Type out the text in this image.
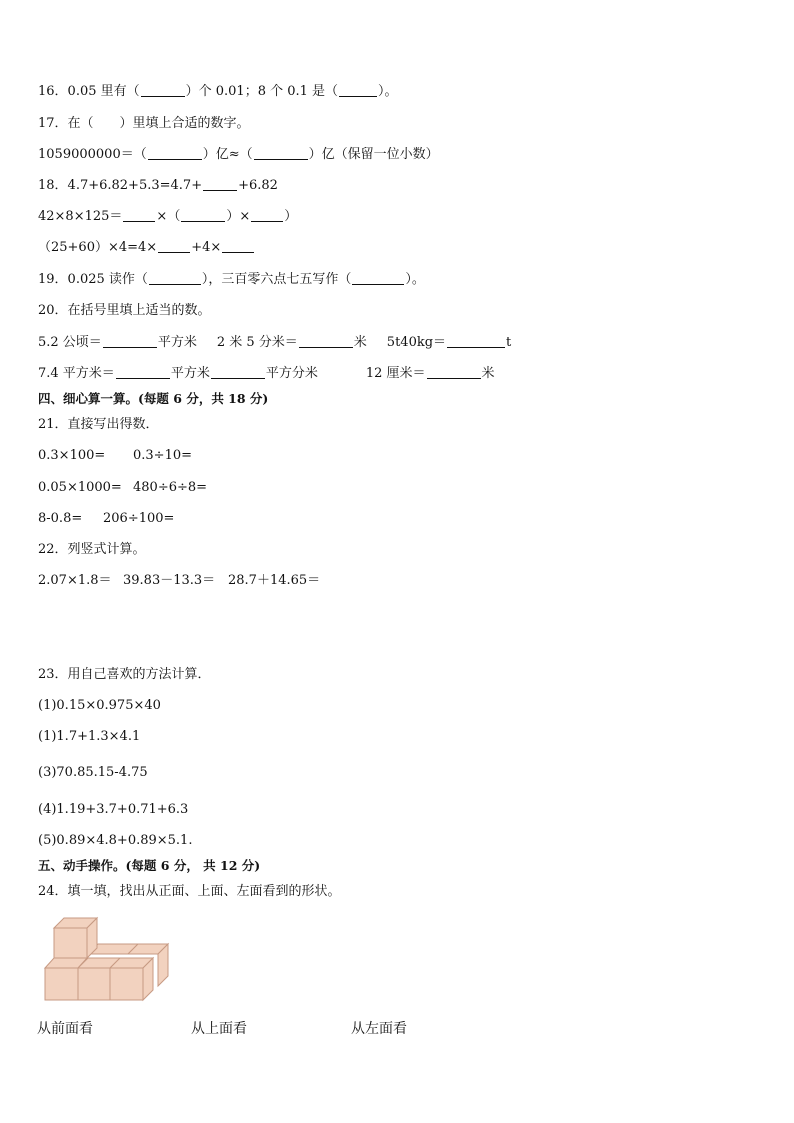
16．0.05 里有（	）个 0.01；8 个 0.1 是（	）。
17．在（　　）里填上合适的数字。
1059000000＝（	）亿≈（	）亿（保留一位小数）
18．4.7+6.82+5.3=4.7+	+6.82
42×8×125＝	×（	）×	）
（25+60）×4=4×	+4×
19．0.025 读作（	），三百零六点七五写作（	）。
20．在括号里填上适当的数。
5.2 公顷＝	平方米 2 米 5 分米＝	米 5t40kg＝	t
7.4 平方米＝	平方米	平方分米	12 厘米＝	米
四、细心算一算。(每题 6 分，共 18 分)
21．直接写出得数．
0.3×100= 0.3÷10=
0.05×1000= 480÷6÷8=
8-0.8= 206÷100=
22．列竖式计算。
2.07×1.8＝ 39.83－13.3＝ 28.7＋14.65＝
23．用自己喜欢的方法计算．
(1)0.15×0.975×40
(1)1.7+1.3×4.1
(3)70.85.15-4.75
(4)1.19+3.7+0.71+6.3
(5)0.89×4.8+0.89×5.1.
五、动手操作。(每题 6 分， 共 12 分)
24．填一填，找出从正面、上面、左面看到的形状。
从前面看	从上面看	从左面看
